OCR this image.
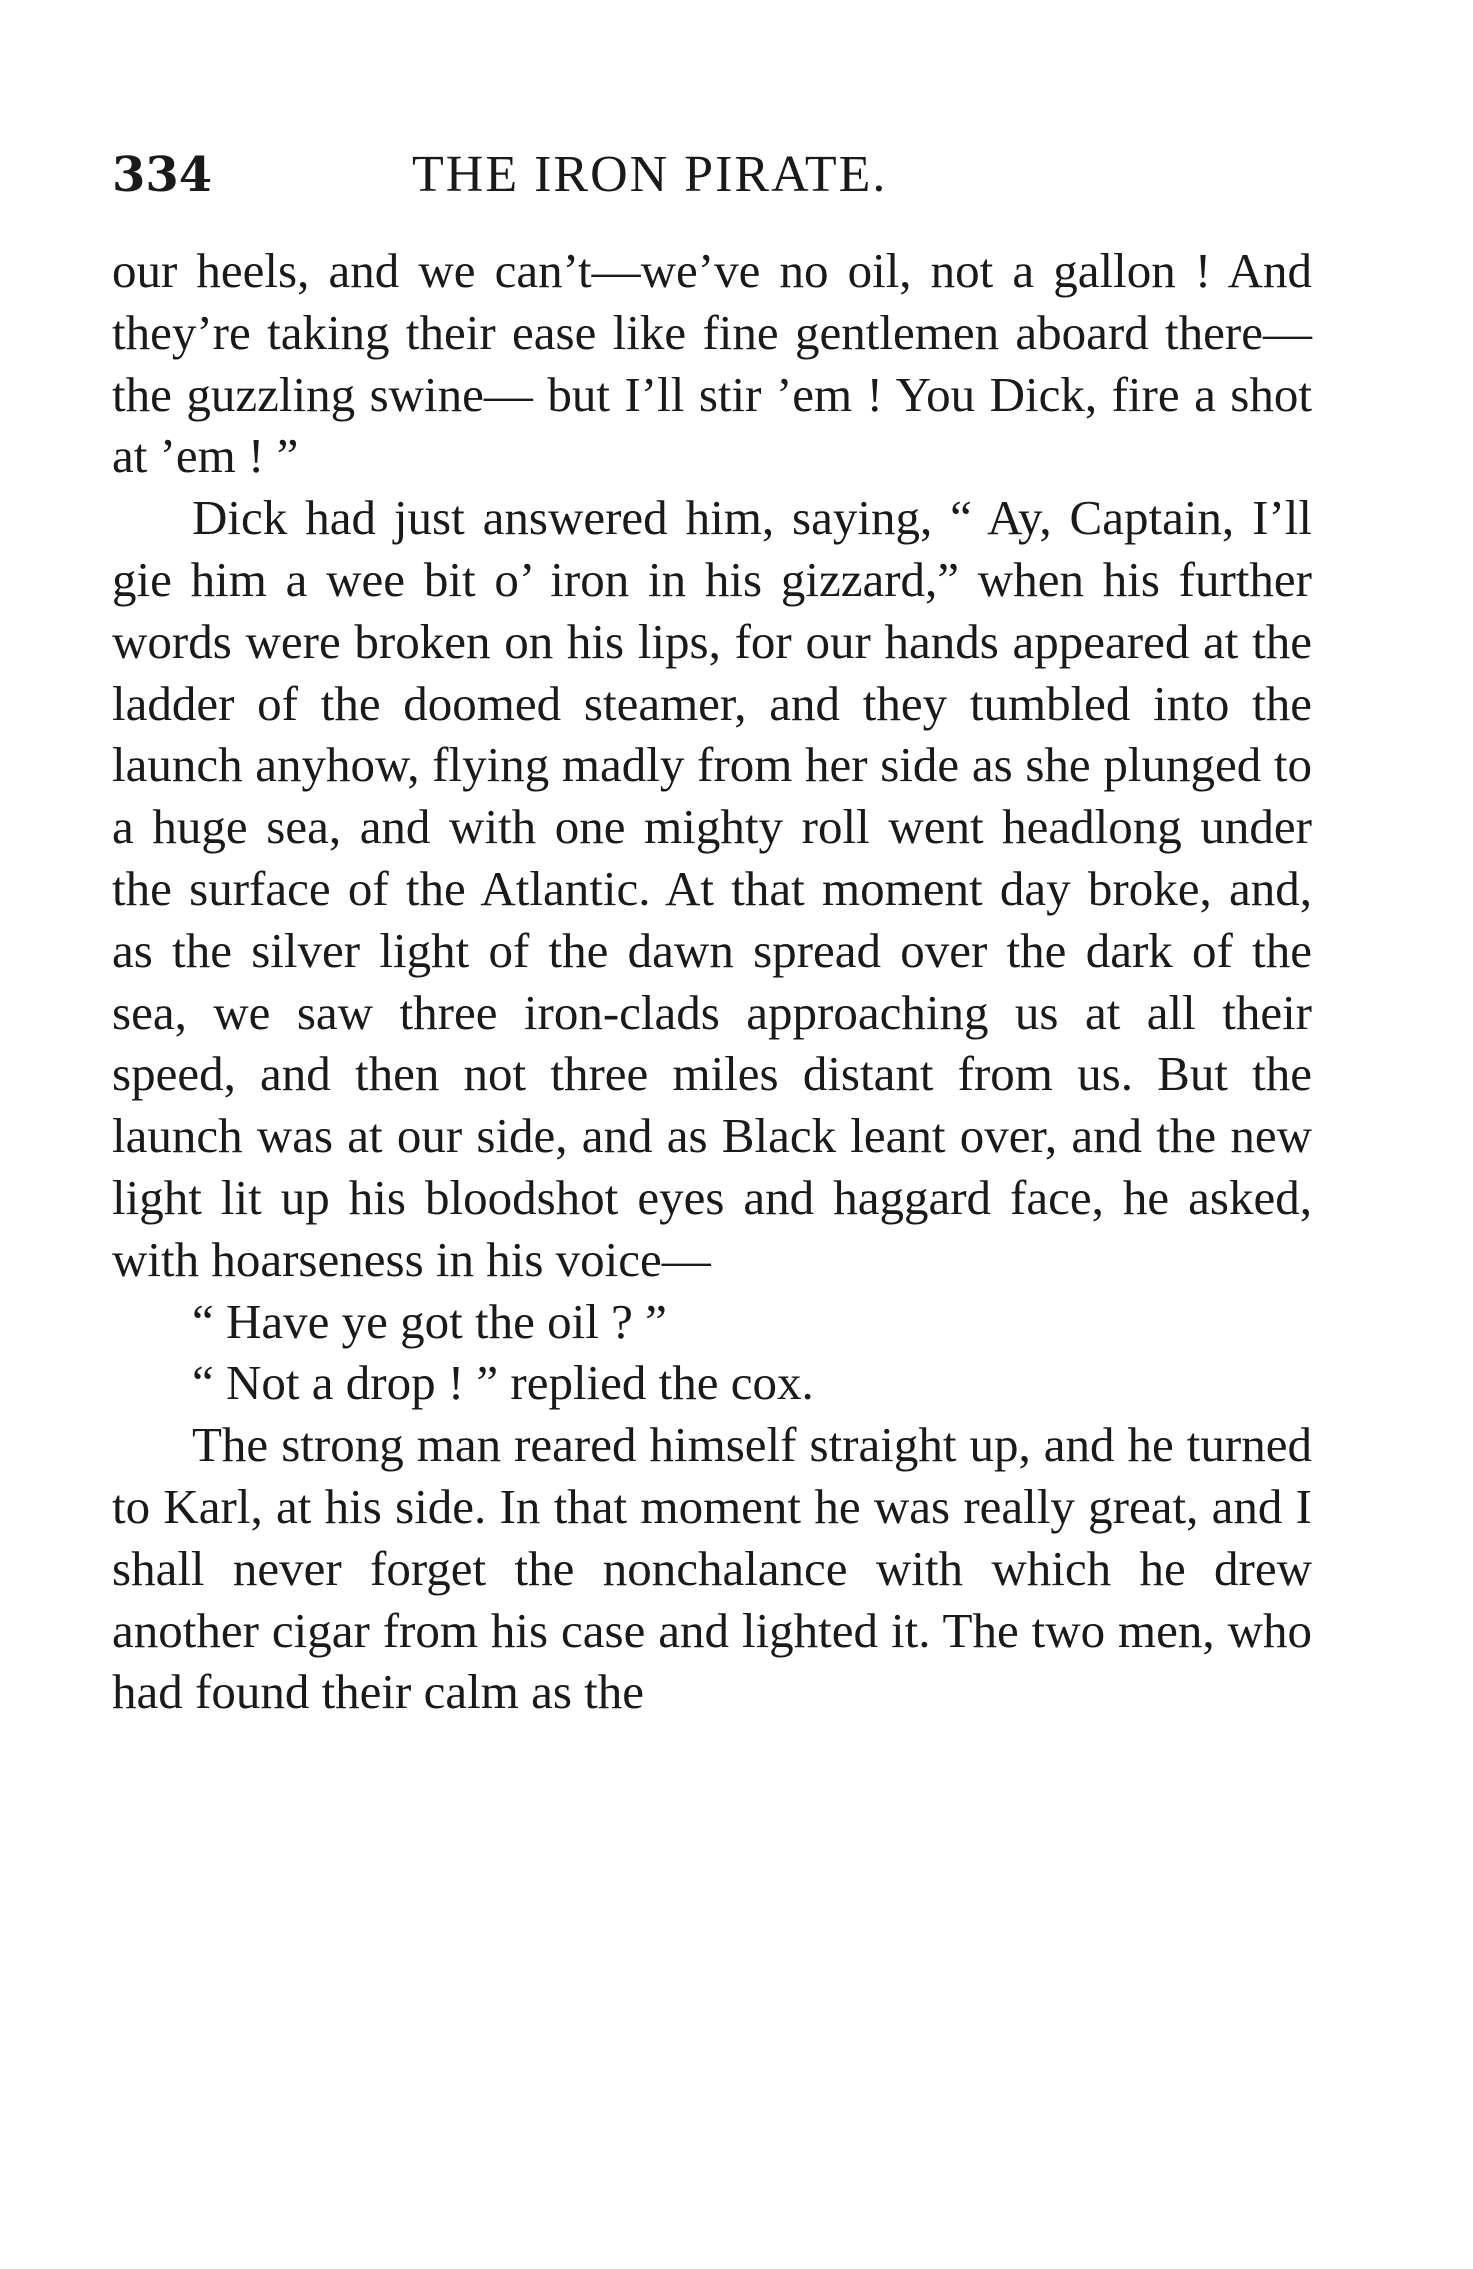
334	THE IRON PIRATE.

our heels, and we can’t—we’ve no oil, not a gallon ! And they’re taking their ease like fine gentlemen aboard there—the guzzling swine— but I’ll stir ’em ! You Dick, fire a shot at ’em ! ”

Dick had just answered him, saying, “ Ay, Captain, I’ll gie him a wee bit o’ iron in his gizzard,” when his further words were broken on his lips, for our hands appeared at the ladder of the doomed steamer, and they tumbled into the launch anyhow, flying madly from her side as she plunged to a huge sea, and with one mighty roll went headlong under the surface of the Atlantic. At that moment day broke, and, as the silver light of the dawn spread over the dark of the sea, we saw three iron-clads approaching us at all their speed, and then not three miles distant from us. But the launch was at our side, and as Black leant over, and the new light lit up his bloodshot eyes and haggard face, he asked, with hoarseness in his voice—

“ Have ye got the oil ? ”

“ Not a drop ! ” replied the cox.

The strong man reared himself straight up, and he turned to Karl, at his side. In that moment he was really great, and I shall never forget the nonchalance with which he drew another cigar from his case and lighted it. The two men, who had found their calm as the
